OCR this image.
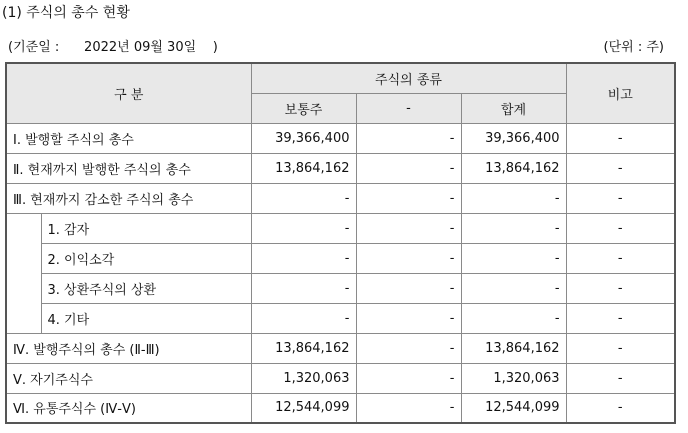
(1) 주식의 총수 현황
(기준일 :      2022년 09월 30일    )	(단위 : 주)
구 분		주식의 종류			비고
		보통주	-	합계	
Ⅰ. 발행할 주식의 총수		39,366,400	-	39,366,400	-
Ⅱ. 현재까지 발행한 주식의 총수		13,864,162	-	13,864,162	-
Ⅲ. 현재까지 감소한 주식의 총수		-	-	-	-
	1. 감자	-	-	-	-
	2. 이익소각	-	-	-	-
	3. 상환주식의 상환	-	-	-	-
	4. 기타	-	-	-	-
Ⅳ. 발행주식의 총수 (Ⅱ-Ⅲ)		13,864,162	-	13,864,162	-
Ⅴ. 자기주식수		1,320,063	-	1,320,063	-
Ⅵ. 유통주식수 (Ⅳ-Ⅴ)		12,544,099	-	12,544,099	-
